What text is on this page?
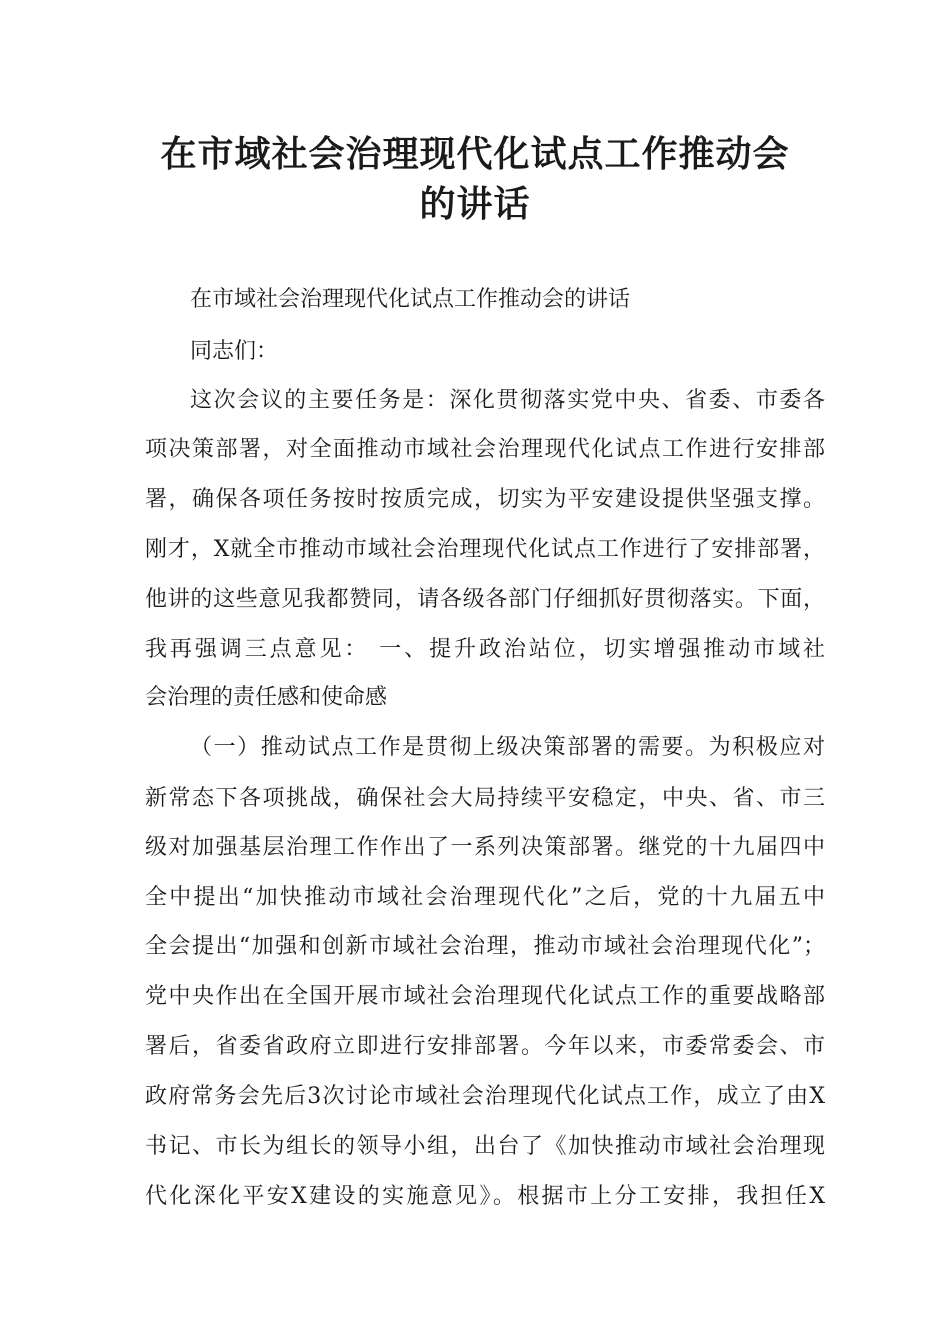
在市域社会治理现代化试点工作推动会
的讲话

在市域社会治理现代化试点工作推动会的讲话

同志们：

这次会议的主要任务是：深化贯彻落实党中央、省委、市委各

项决策部署，对全面推动市域社会治理现代化试点工作进行安排部

署，确保各项任务按时按质完成，切实为平安建设提供坚强支撑。

刚才，X就全市推动市域社会治理现代化试点工作进行了安排部署，

他讲的这些意见我都赞同，请各级各部门仔细抓好贯彻落实。下面，

我再强调三点意见： 一、提升政治站位，切实增强推动市域社

会治理的责任感和使命感

（一）推动试点工作是贯彻上级决策部署的需要。为积极应对

新常态下各项挑战，确保社会大局持续平安稳定，中央、省、市三

级对加强基层治理工作作出了一系列决策部署。继党的十九届四中

全中提出“加快推动市域社会治理现代化”之后，党的十九届五中

全会提出“加强和创新市域社会治理，推动市域社会治理现代化”；

党中央作出在全国开展市域社会治理现代化试点工作的重要战略部

署后，省委省政府立即进行安排部署。今年以来，市委常委会、市

政府常务会先后3次讨论市域社会治理现代化试点工作，成立了由X

书记、市长为组长的领导小组，出台了《加快推动市域社会治理现

代化深化平安X建设的实施意见》。根据市上分工安排，我担任X
